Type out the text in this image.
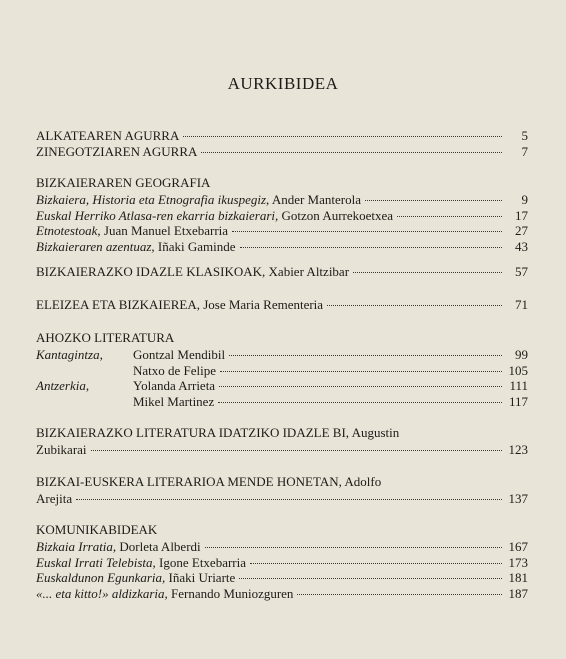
AURKIBIDEA
ALKATEAREN AGURRA	5
ZINEGOTZIAREN AGURRA	7
BIZKAIERAREN GEOGRAFIA
Bizkaiera, Historia eta Etnografia ikuspegiz, Ander Manterola	9
Euskal Herriko Atlasa-ren ekarria bizkaierari, Gotzon Aurrekoetxea	17
Etnotestoak, Juan Manuel Etxebarria	27
Bizkaieraren azentuaz, Iñaki Gaminde	43
BIZKAIERAZKO IDAZLE KLASIKOAK, Xabier Altzibar	57
ELEIZEA ETA BIZKAIEREA, Jose Maria Rementeria	71
AHOZKO LITERATURA
Kantagintza, Gontzal Mendibil	99
Natxo de Felipe	105
Antzerkia,	Yolanda Arrieta	111
Mikel Martinez	117
BIZKAIERAZKO LITERATURA IDATZIKO IDAZLE BI, Augustin
Zubikarai	123
BIZKAI-EUSKERA LITERARIOA MENDE HONETAN, Adolfo
Arejita	137
KOMUNIKABIDEAK
Bizkaia Irratia, Dorleta Alberdi	167
Euskal Irrati Telebista, Igone Etxebarria	173
Euskaldunon Egunkaria, Iñaki Uriarte	181
«... eta kitto!» aldizkaria, Fernando Muniozguren	187
